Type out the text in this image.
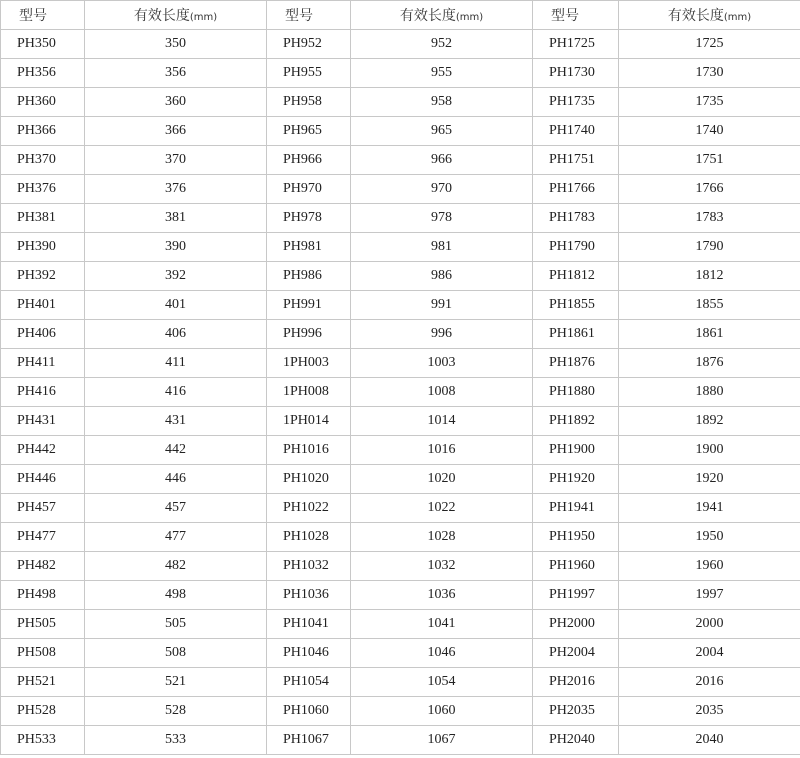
型号	有效长度(mm)	型号	有效长度(mm)	型号	有效长度(mm)
PH350	350	PH952	952	PH1725	1725
PH356	356	PH955	955	PH1730	1730
PH360	360	PH958	958	PH1735	1735
PH366	366	PH965	965	PH1740	1740
PH370	370	PH966	966	PH1751	1751
PH376	376	PH970	970	PH1766	1766
PH381	381	PH978	978	PH1783	1783
PH390	390	PH981	981	PH1790	1790
PH392	392	PH986	986	PH1812	1812
PH401	401	PH991	991	PH1855	1855
PH406	406	PH996	996	PH1861	1861
PH411	411	1PH003	1003	PH1876	1876
PH416	416	1PH008	1008	PH1880	1880
PH431	431	1PH014	1014	PH1892	1892
PH442	442	PH1016	1016	PH1900	1900
PH446	446	PH1020	1020	PH1920	1920
PH457	457	PH1022	1022	PH1941	1941
PH477	477	PH1028	1028	PH1950	1950
PH482	482	PH1032	1032	PH1960	1960
PH498	498	PH1036	1036	PH1997	1997
PH505	505	PH1041	1041	PH2000	2000
PH508	508	PH1046	1046	PH2004	2004
PH521	521	PH1054	1054	PH2016	2016
PH528	528	PH1060	1060	PH2035	2035
PH533	533	PH1067	1067	PH2040	2040
